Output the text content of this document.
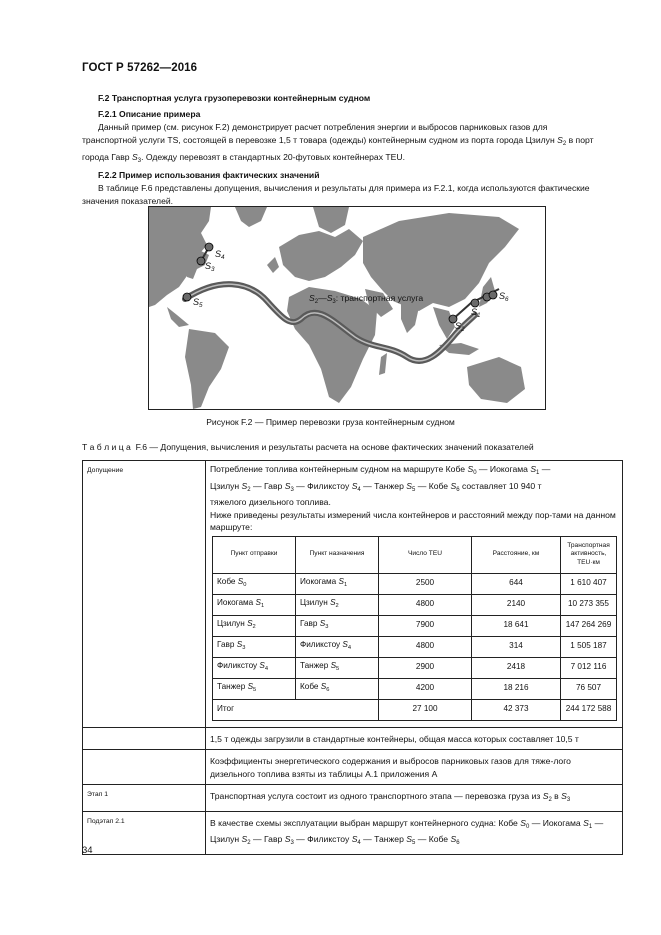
ГОСТ Р 57262—2016
F.2 Транспортная услуга грузоперевозки контейнерным судном
F.2.1 Описание примера
Данный пример (см. рисунок F.2) демонстрирует расчет потребления энергии и выбросов парниковых газов для транспортной услуги TS, состоящей в перевозке 1,5 т товара (одежды) контейнерным судном из порта города Цзилун $S_2$ в порт города Гавр $S_3$. Одежду перевозят в стандартных 20-футовых контейнерах TEU.
F.2.2 Пример использования фактических значений
В таблице F.6 представлены допущения, вычисления и результаты для примера из F.2.1, когда используются фактические значения показателей.
$S_4$
$S_3$
$S_5$
$S_2—S_3$: транспортная услуга
$S_2$
$S_1$
$S_6$
Рисунок F.2 — Пример перевозки груза контейнерным судном
Т а б л и ц а  F.6 — Допущения, вычисления и результаты расчета на основе фактических значений показателей
Допущение	Потребление топлива контейнерным судном на маршруте Кобе $S_0$ — Иокогама $S_1$ —
Цзилун $S_2$ — Гавр $S_3$ — Филикстоу $S_4$ — Танжер $S_5$ — Кобе $S_6$ составляет 10 940 т
тяжелого дизельного топлива.
Ниже приведены результаты измерений числа контейнеров и расстояний между пор-тами на данном маршруте:
Пункт отправки	Пункт назначения	Число TEU	Расстояние, км	Транспортная активность, TEU·км
Кобе $S_0$	Иокогама $S_1$	2500	644	1 610 407
Иокогама $S_1$	Цзилун $S_2$	4800	2140	10 273 355
Цзилун $S_2$	Гавр $S_3$	7900	18 641	147 264 269
Гавр $S_3$	Филикстоу $S_4$	4800	314	1 505 187
Филикстоу $S_4$	Танжер $S_5$	2900	2418	7 012 116
Танжер $S_5$	Кобе $S_6$	4200	18 216	76 507
Итог	27 100	42 373	244 172 588

	1,5 т одежды загрузили в стандартные контейнеры, общая масса которых составляет 10,5 т
	Коэффициенты энергетического содержания и выбросов парниковых газов для тяже-лого дизельного топлива взяты из таблицы А.1 приложения А
Этап 1	Транспортная услуга состоит из одного транспортного этапа — перевозка груза из $S_2$ в $S_3$
Подэтап 2.1	В качестве схемы эксплуатации выбран маршрут контейнерного судна: Кобе $S_0$ — Иокогама $S_1$ — Цзилун $S_2$ — Гавр $S_3$ — Филикстоу $S_4$ — Танжер $S_5$ — Кобе $S_6$
34
